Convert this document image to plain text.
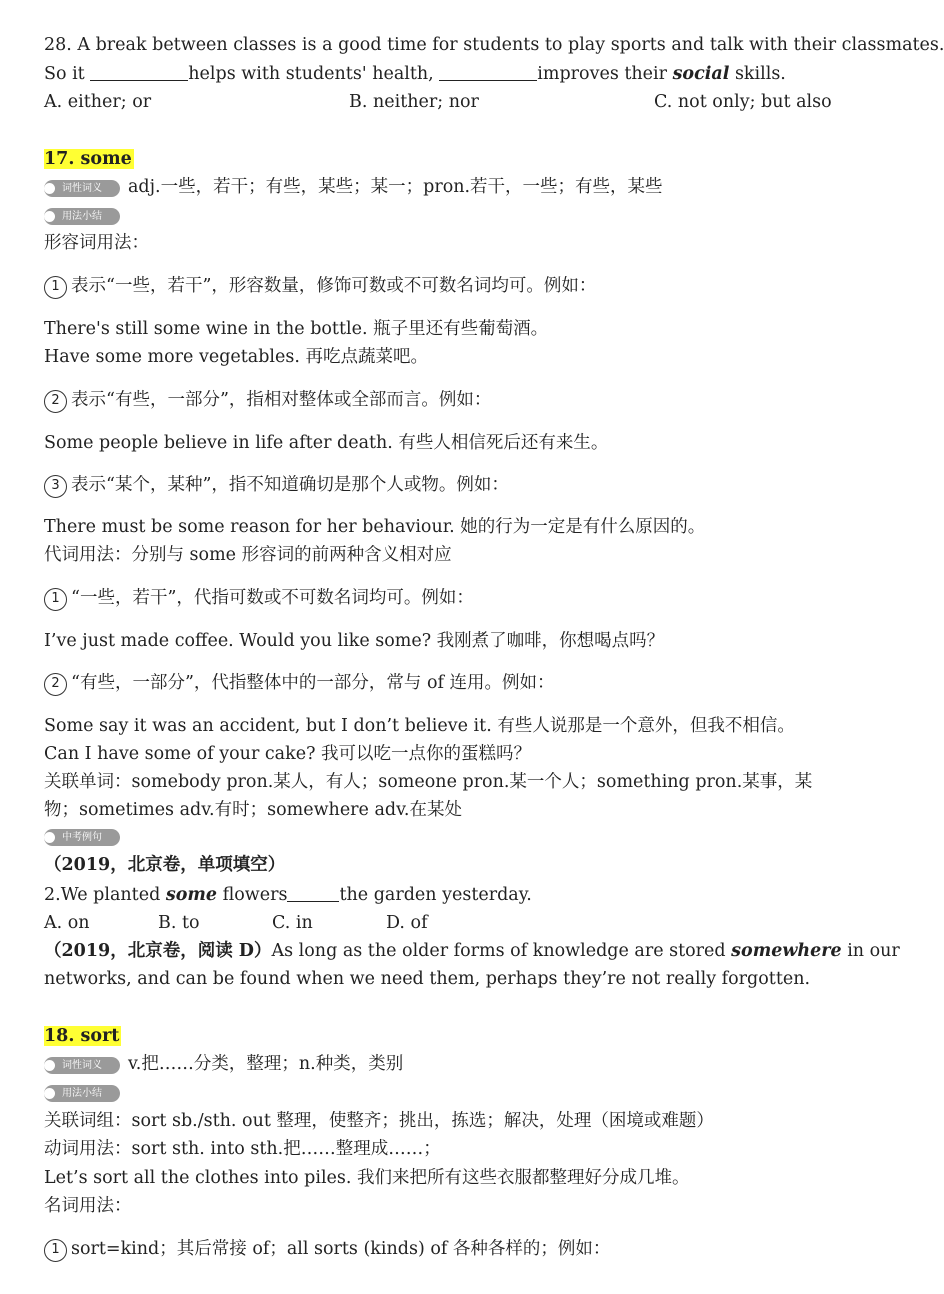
28. A break between classes is a good time for students to play sports and talk with their classmates.
So it	helps with students' health,	improves their social skills.
A. either; or	B. neither; nor	C. not only; but also
17. some
词性词义 adj.一些，若干；有些，某些；某一；pron.若干，一些；有些，某些
用法小结
形容词用法：
1 表示“一些，若干”，形容数量，修饰可数或不可数名词均可。例如：
There's still some wine in the bottle. 瓶子里还有些葡萄酒。
Have some more vegetables. 再吃点蔬菜吧。
2 表示“有些，一部分”，指相对整体或全部而言。例如：
Some people believe in life after death. 有些人相信死后还有来生。
3 表示“某个，某种”，指不知道确切是那个人或物。例如：
There must be some reason for her behaviour. 她的行为一定是有什么原因的。
代词用法：分别与 some 形容词的前两种含义相对应
1 “一些，若干”，代指可数或不可数名词均可。例如：
I’ve just made coffee. Would you like some? 我刚煮了咖啡，你想喝点吗？
2 “有些，一部分”，代指整体中的一部分，常与 of 连用。例如：
Some say it was an accident, but I don’t believe it. 有些人说那是一个意外，但我不相信。
Can I have some of your cake? 我可以吃一点你的蛋糕吗？
关联单词：somebody pron.某人，有人；someone pron.某一个人；something pron.某事，某
物；sometimes adv.有时；somewhere adv.在某处
中考例句
（2019，北京卷，单项填空）
2.We planted some flowers	the garden yesterday.
A. on	B. to	C. in	D. of
（2019，北京卷，阅读 D）As long as the older forms of knowledge are stored somewhere in our
networks, and can be found when we need them, perhaps they’re not really forgotten.
18. sort
词性词义 v.把……分类，整理；n.种类，类别
用法小结
关联词组：sort sb./sth. out 整理，使整齐；挑出，拣选；解决，处理（困境或难题）
动词用法：sort sth. into sth.把……整理成……；
Let’s sort all the clothes into piles. 我们来把所有这些衣服都整理好分成几堆。
名词用法：
1 sort=kind；其后常接 of；all sorts (kinds) of 各种各样的；例如：
